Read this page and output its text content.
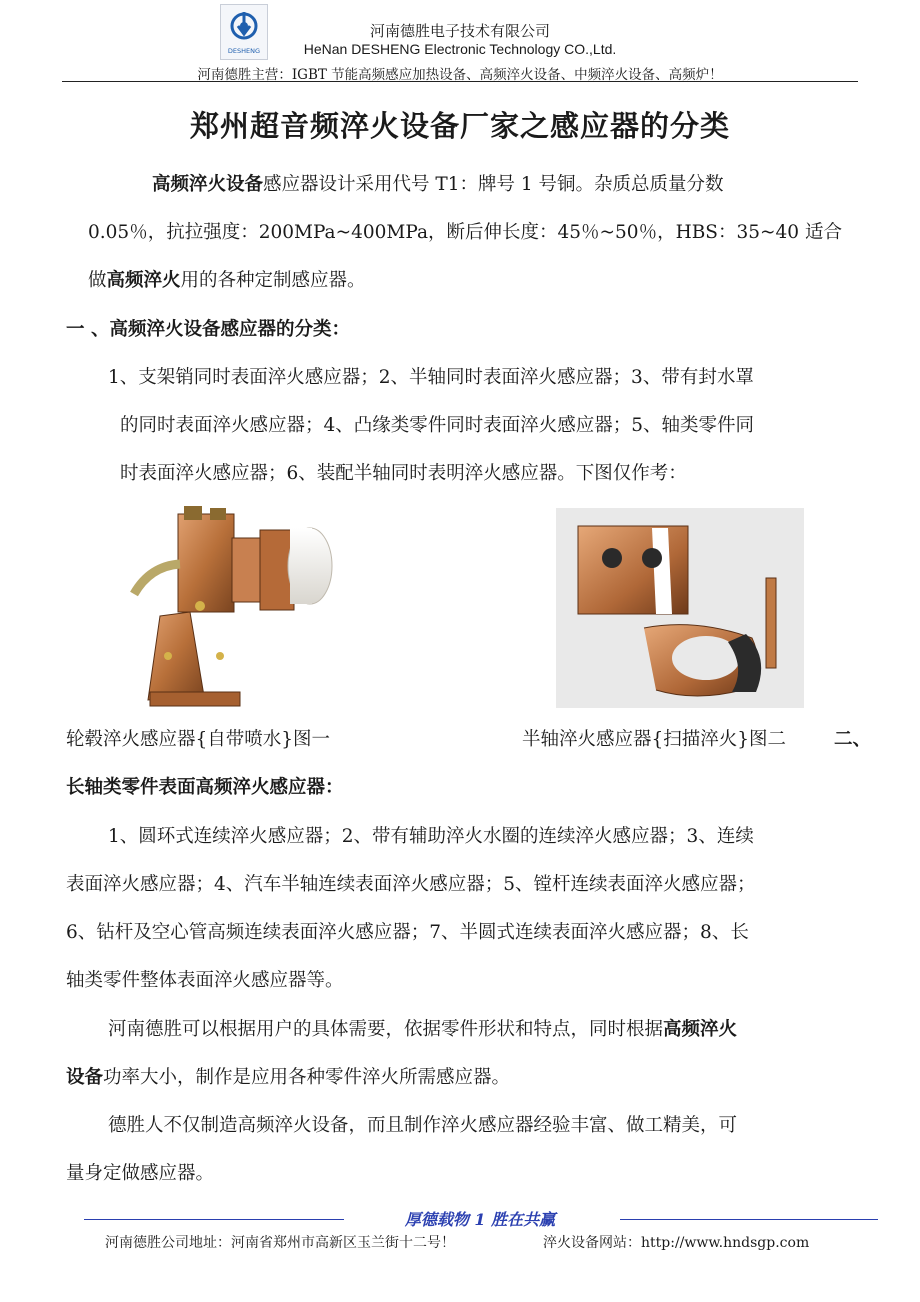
DESHENG
河南德胜电子技术有限公司
HeNan DESHENG Electronic Technology CO.,Ltd.
河南德胜主营：IGBT 节能高频感应加热设备、高频淬火设备、中频淬火设备、高频炉！
郑州超音频淬火设备厂家之感应器的分类
高频淬火设备感应器设计采用代号 T1：牌号 1 号铜。杂质总质量分数
0.05％，抗拉强度：200MPa~400MPa，断后伸长度：45％~50％，HBS：35~40 适合
做高频淬火用的各种定制感应器。
一 、高频淬火设备感应器的分类：
1、支架销同时表面淬火感应器；2、半轴同时表面淬火感应器；3、带有封水罩
的同时表面淬火感应器；4、凸缘类零件同时表面淬火感应器；5、轴类零件同
时表面淬火感应器；6、装配半轴同时表明淬火感应器。下图仅作考：
轮毂淬火感应器{自带喷水}图一	半轴淬火感应器{扫描淬火}图二	二、
长轴类零件表面高频淬火感应器：
1、圆环式连续淬火感应器；2、带有辅助淬火水圈的连续淬火感应器；3、连续
表面淬火感应器；4、汽车半轴连续表面淬火感应器；5、镗杆连续表面淬火感应器；
6、钻杆及空心管高频连续表面淬火感应器；7、半圆式连续表面淬火感应器；8、长
轴类零件整体表面淬火感应器等。
河南德胜可以根据用户的具体需要，依据零件形状和特点，同时根据高频淬火
设备功率大小，制作是应用各种零件淬火所需感应器。
德胜人不仅制造高频淬火设备，而且制作淬火感应器经验丰富、做工精美，可
量身定做感应器。
厚德载物 1 胜在共赢
河南德胜公司地址：河南省郑州市高新区玉兰街十二号！	淬火设备网站：http://www.hndsgp.com
